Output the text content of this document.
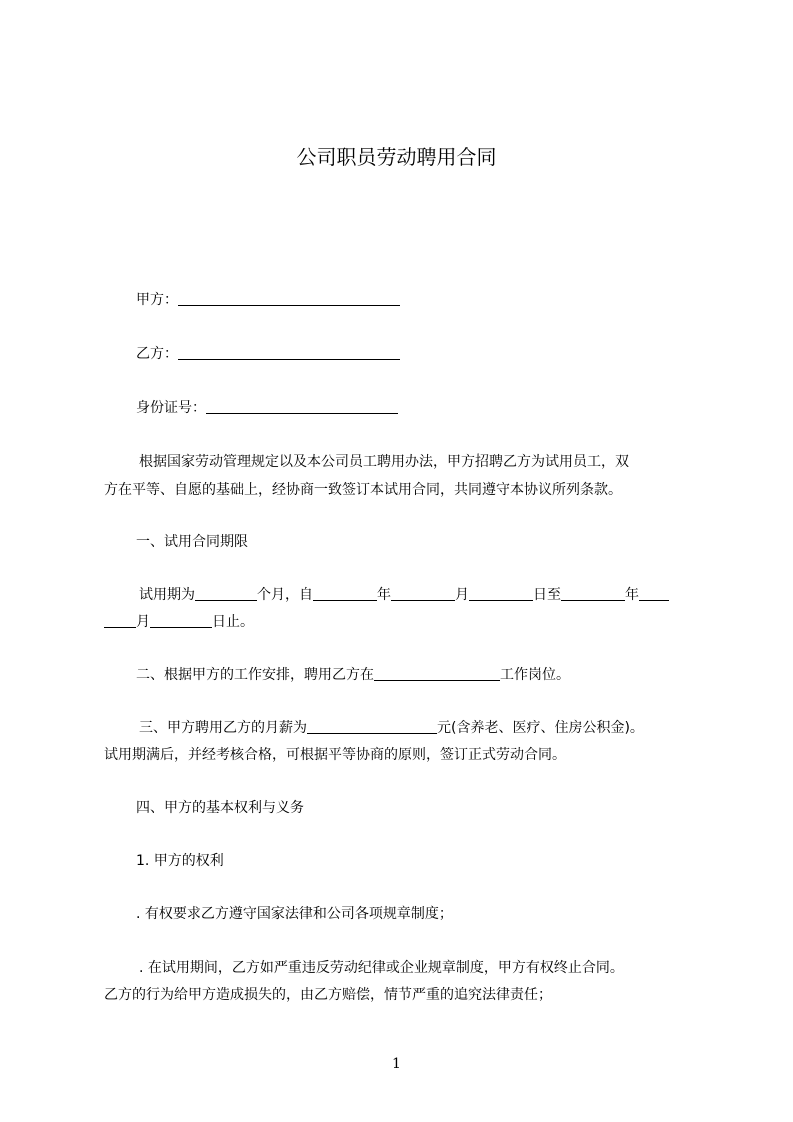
公司职员劳动聘用合同
甲方：
乙方：
身份证号：
根据国家劳动管理规定以及本公司员工聘用办法，甲方招聘乙方为试用员工，双
方在平等、自愿的基础上，经协商一致签订本试用合同，共同遵守本协议所列条款。
一、试用合同期限
试用期为	个月，自	年	月	日至	年
月	日止。
二、根据甲方的工作安排，聘用乙方在	工作岗位。
三、甲方聘用乙方的月薪为	元(含养老、医疗、住房公积金)。
试用期满后，并经考核合格，可根据平等协商的原则，签订正式劳动合同。
四、甲方的基本权利与义务
1. 甲方的权利
. 有权要求乙方遵守国家法律和公司各项规章制度；
. 在试用期间，乙方如严重违反劳动纪律或企业规章制度，甲方有权终止合同。
乙方的行为给甲方造成损失的，由乙方赔偿，情节严重的追究法律责任；
1
